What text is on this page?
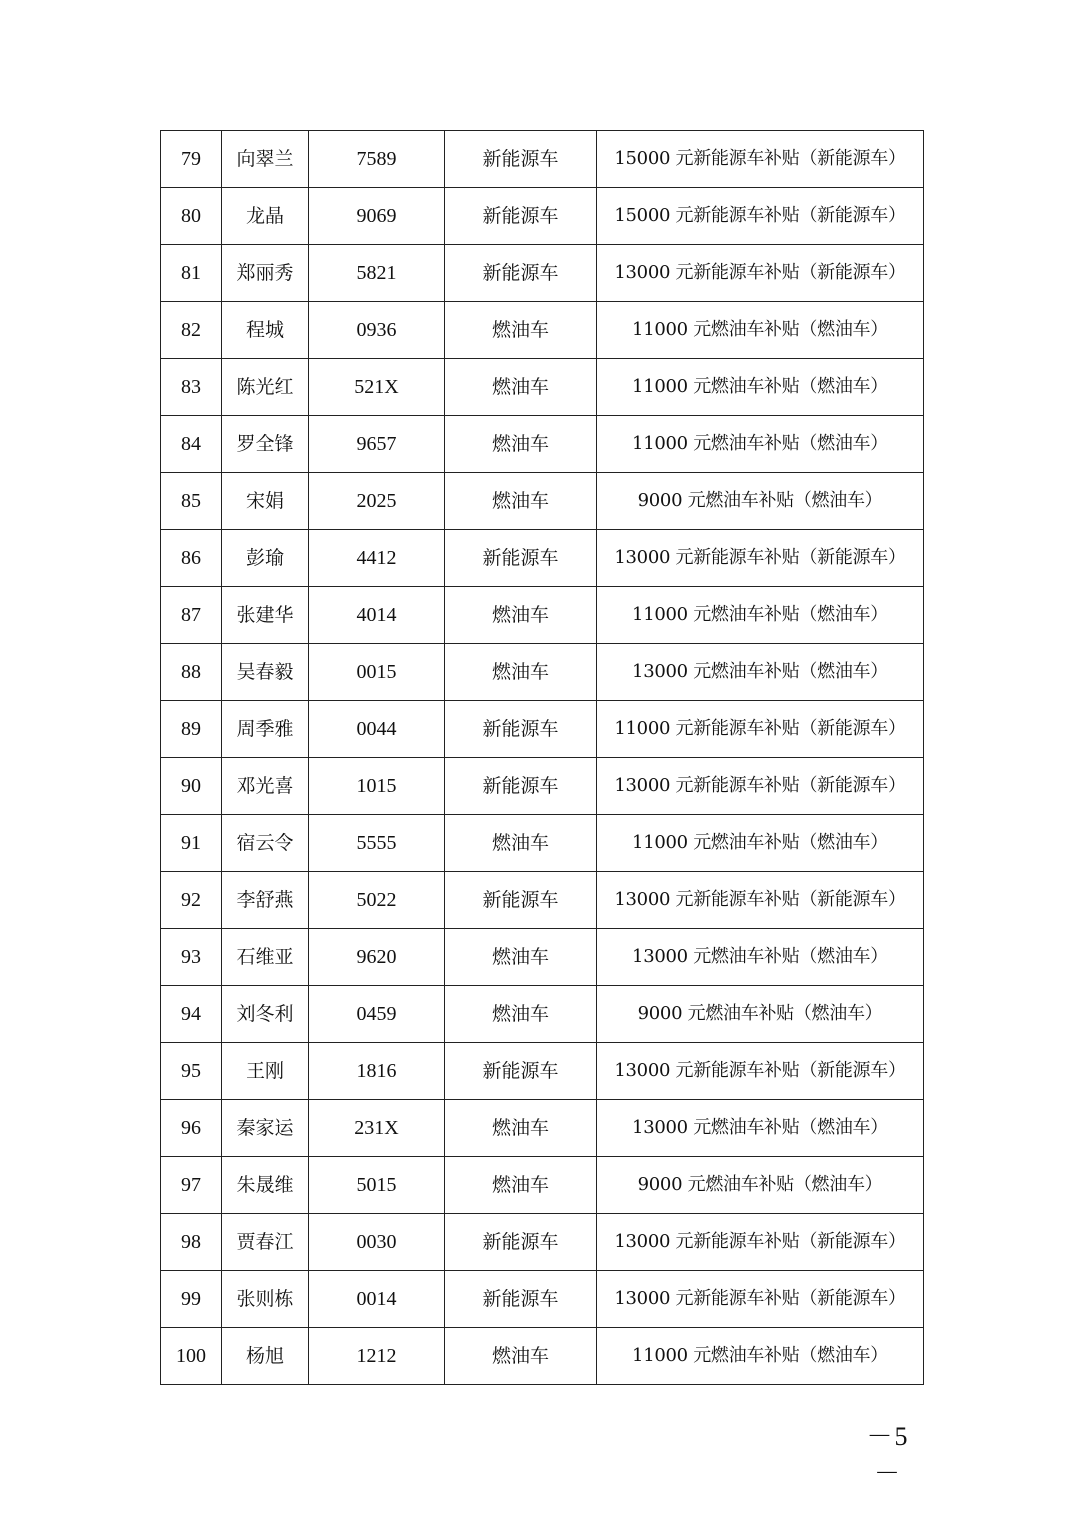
79	向翠兰	7589	新能源车	15000 元新能源车补贴（新能源车）
80	龙晶	9069	新能源车	15000 元新能源车补贴（新能源车）
81	郑丽秀	5821	新能源车	13000 元新能源车补贴（新能源车）
82	程城	0936	燃油车	11000 元燃油车补贴（燃油车）
83	陈光红	521X	燃油车	11000 元燃油车补贴（燃油车）
84	罗全锋	9657	燃油车	11000 元燃油车补贴（燃油车）
85	宋娟	2025	燃油车	9000 元燃油车补贴（燃油车）
86	彭瑜	4412	新能源车	13000 元新能源车补贴（新能源车）
87	张建华	4014	燃油车	11000 元燃油车补贴（燃油车）
88	吴春毅	0015	燃油车	13000 元燃油车补贴（燃油车）
89	周季雅	0044	新能源车	11000 元新能源车补贴（新能源车）
90	邓光喜	1015	新能源车	13000 元新能源车补贴（新能源车）
91	宿云令	5555	燃油车	11000 元燃油车补贴（燃油车）
92	李舒燕	5022	新能源车	13000 元新能源车补贴（新能源车）
93	石维亚	9620	燃油车	13000 元燃油车补贴（燃油车）
94	刘冬利	0459	燃油车	9000 元燃油车补贴（燃油车）
95	王刚	1816	新能源车	13000 元新能源车补贴（新能源车）
96	秦家运	231X	燃油车	13000 元燃油车补贴（燃油车）
97	朱晟维	5015	燃油车	9000 元燃油车补贴（燃油车）
98	贾春江	0030	新能源车	13000 元新能源车补贴（新能源车）
99	张则栋	0014	新能源车	13000 元新能源车补贴（新能源车）
100	杨旭	1212	燃油车	11000 元燃油车补贴（燃油车）
－5－
